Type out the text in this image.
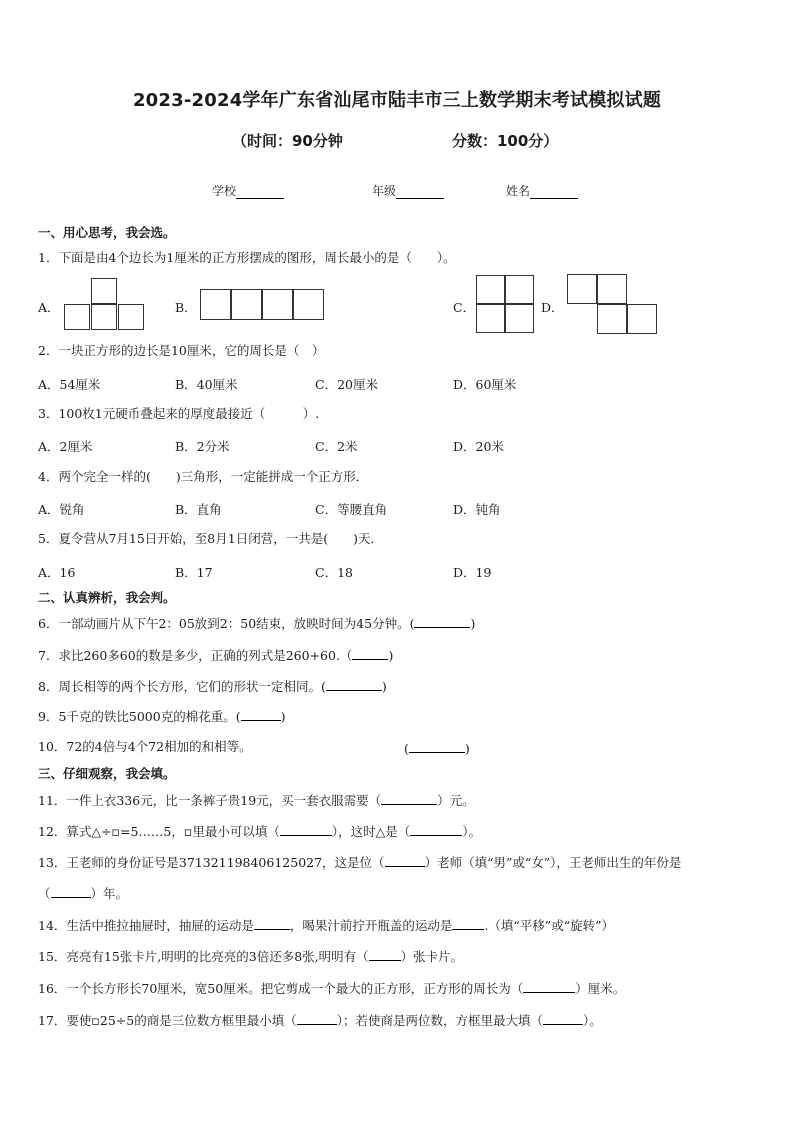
2023-2024学年广东省汕尾市陆丰市三上数学期末考试模拟试题
（时间：90分钟	分数：100分）
学校	年级	姓名
一、用心思考，我会选。
1．下面是由4个边长为1厘米的正方形摆成的图形，周长最小的是（　　）。
A．	B．	C．	D．
2．一块正方形的边长是10厘米，它的周长是（　）
A．54厘米	B．40厘米	C．20厘米	D．60厘米
3．100枚1元硬币叠起来的厚度最接近（　　　）.
A．2厘米	B．2分米	C．2米	D．20米
4．两个完全一样的(　　)三角形，一定能拼成一个正方形．
A．锐角	B．直角	C．等腰直角	D．钝角
5．夏令营从7月15日开始，至8月1日闭营，一共是(　　)天．
A．16	B．17	C．18	D．19
二、认真辨析，我会判。
6．一部动画片从下午2：05放到2：50结束，放映时间为45分钟。(	)
7．求比260多60的数是多少，正确的列式是260+60.（	)
8．周长相等的两个长方形，它们的形状一定相同。(	)
9．5千克的铁比5000克的棉花重。(	)
10．72的4倍与4个72相加的和相等。	(	)
三、仔细观察，我会填。
11．一件上衣336元，比一条裤子贵19元，买一套衣服需要（	）元。
12．算式△÷▫=5……5，▫里最小可以填（	），这时△是（	）。
13．王老师的身份证号是371321198406125027，这是位（	）老师（填“男”或“女”），王老师出生的年份是
（	）年。
14．生活中推拉抽屉时，抽屉的运动是	，喝果汁前拧开瓶盖的运动是	.（填“平移”或“旋转”）
15．亮亮有15张卡片,明明的比亮亮的3倍还多8张,明明有（	）张卡片。
16．一个长方形长70厘米，宽50厘米。把它剪成一个最大的正方形，正方形的周长为（	）厘米。
17．要使▫25÷5的商是三位数方框里最小填（	）；若使商是两位数，方框里最大填（	）。
